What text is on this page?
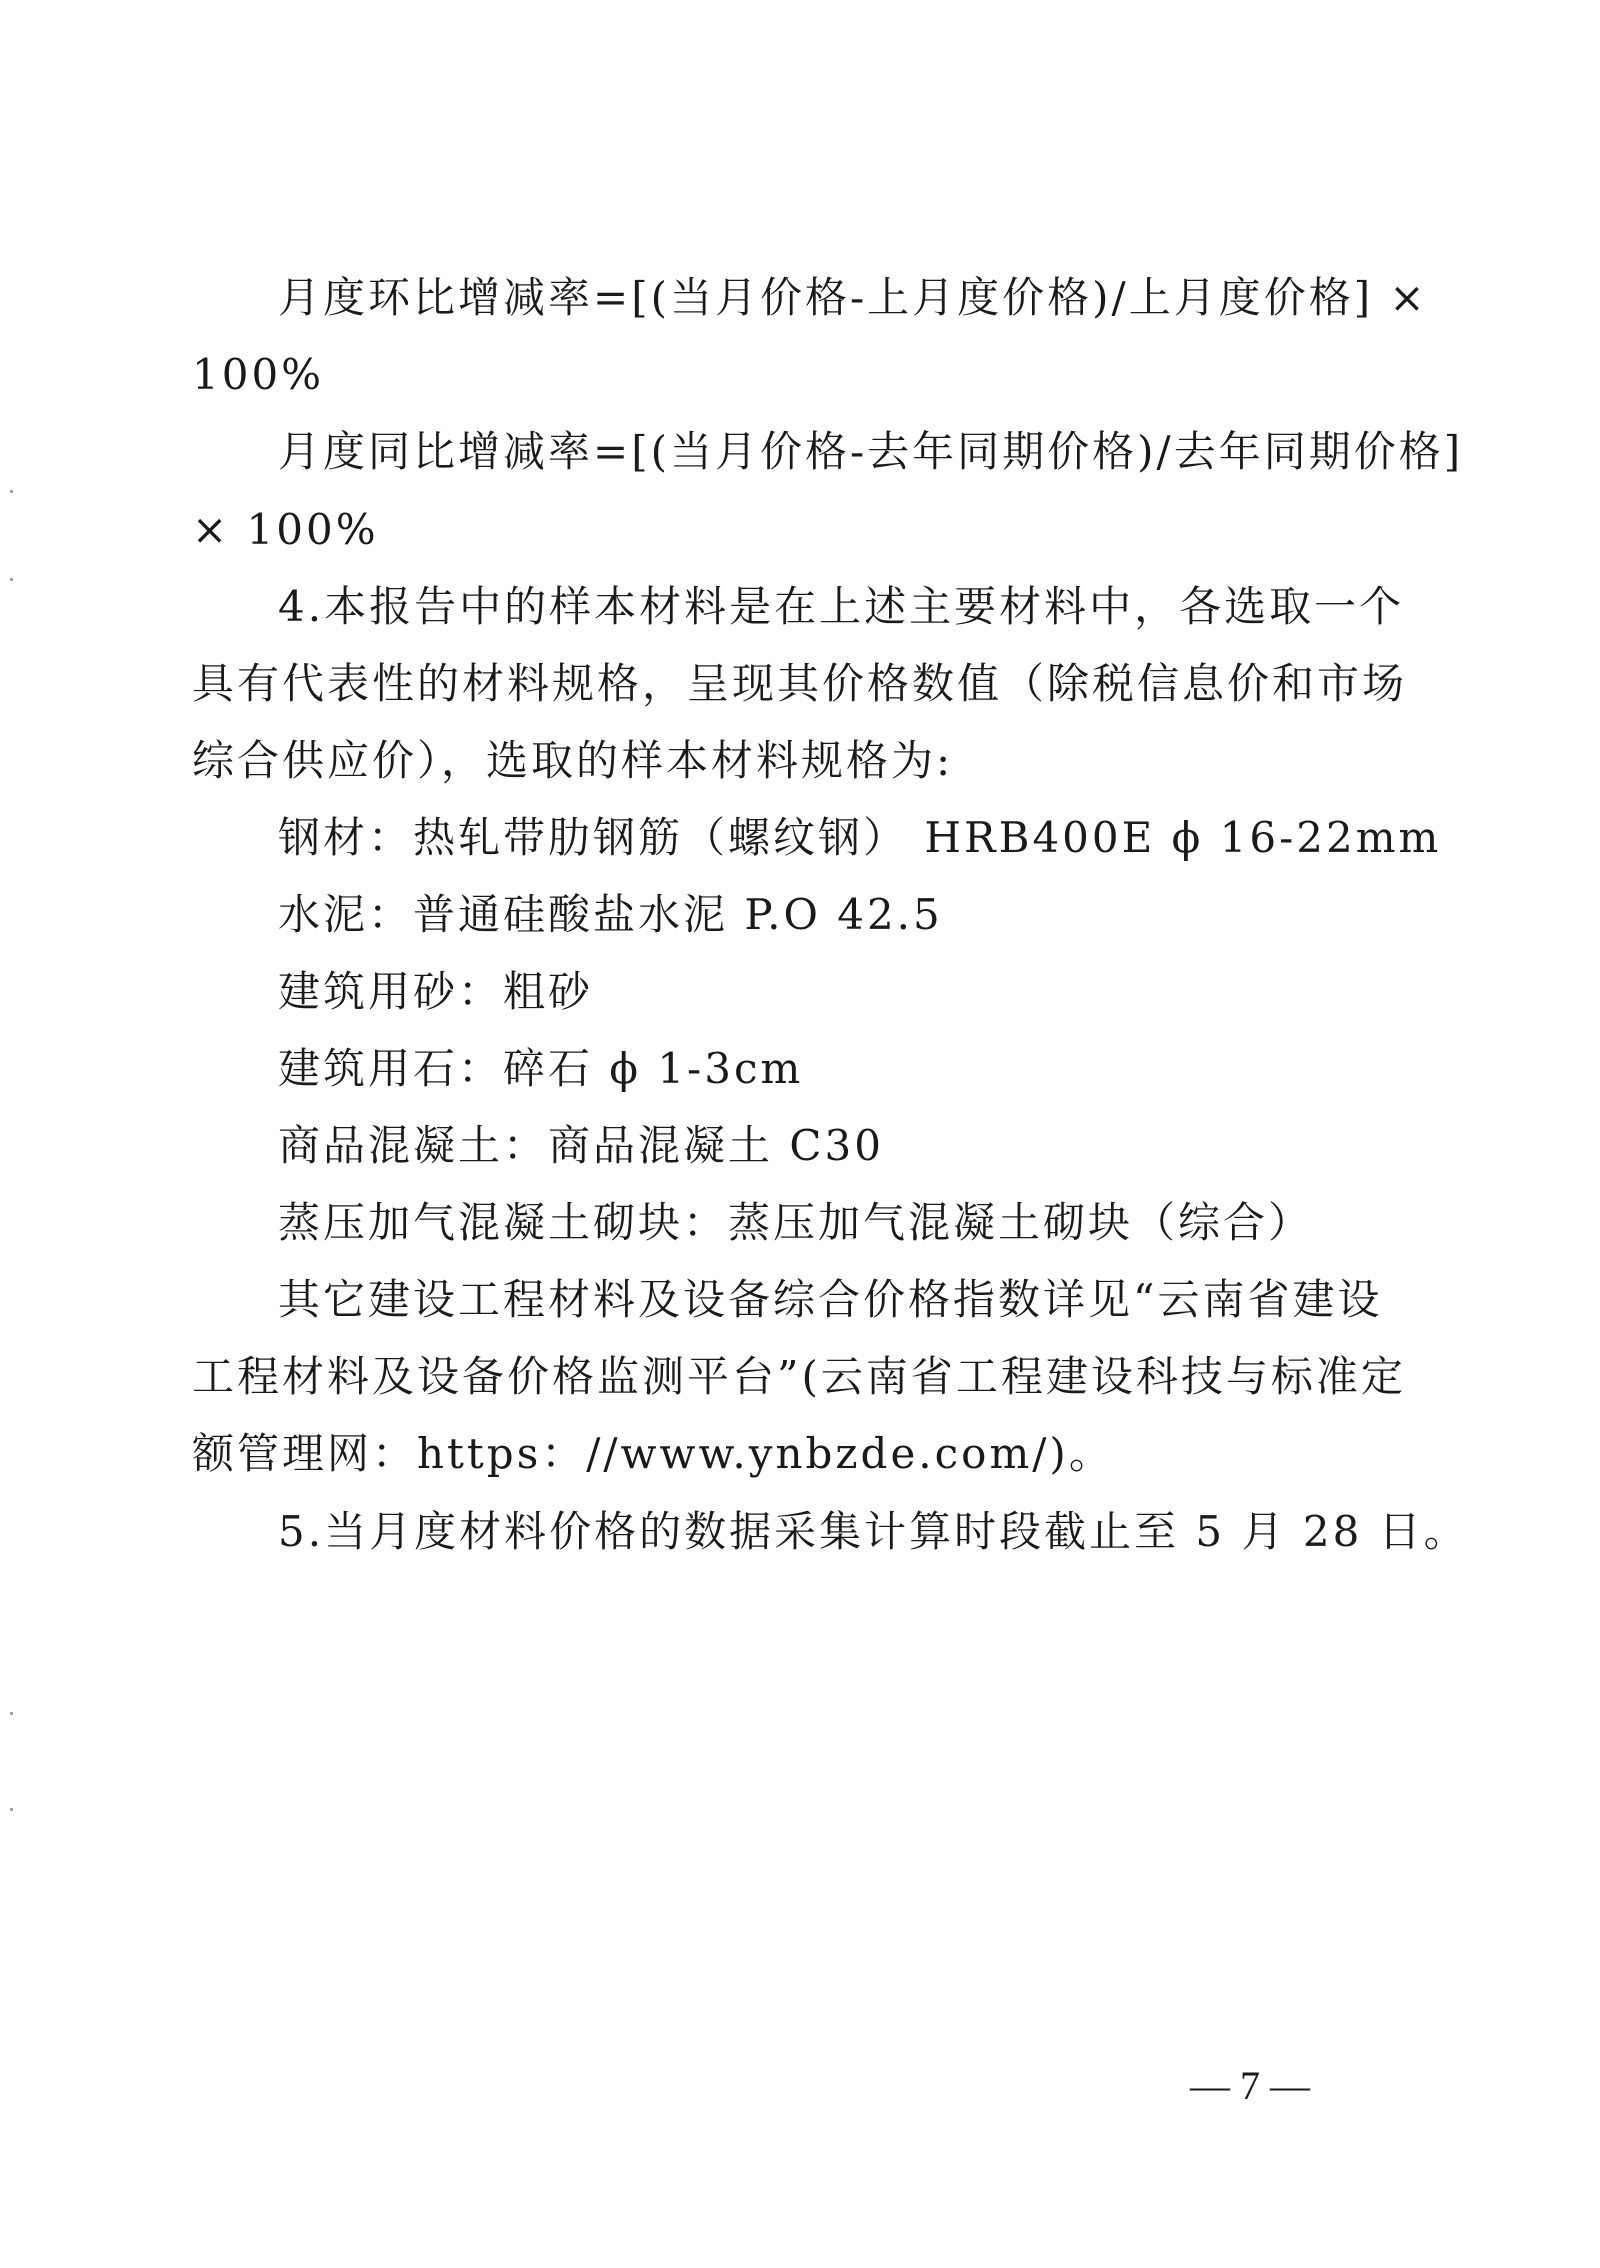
月度环比增减率=[(当月价格-上月度价格)/上月度价格] ×
100%
月度同比增减率=[(当月价格-去年同期价格)/去年同期价格]
× 100%
4.本报告中的样本材料是在上述主要材料中，各选取一个
具有代表性的材料规格，呈现其价格数值（除税信息价和市场
综合供应价），选取的样本材料规格为:
钢材：热轧带肋钢筋（螺纹钢） HRB400E ϕ 16-22mm
水泥：普通硅酸盐水泥 P.O 42.5
建筑用砂：粗砂
建筑用石：碎石 ϕ 1-3cm
商品混凝土：商品混凝土 C30
蒸压加气混凝土砌块：蒸压加气混凝土砌块（综合）
其它建设工程材料及设备综合价格指数详见“云南省建设
工程材料及设备价格监测平台”(云南省工程建设科技与标准定
额管理网：https：//www.ynbzde.com/)。
5.当月度材料价格的数据采集计算时段截止至 5 月 28 日。
— 7 —
